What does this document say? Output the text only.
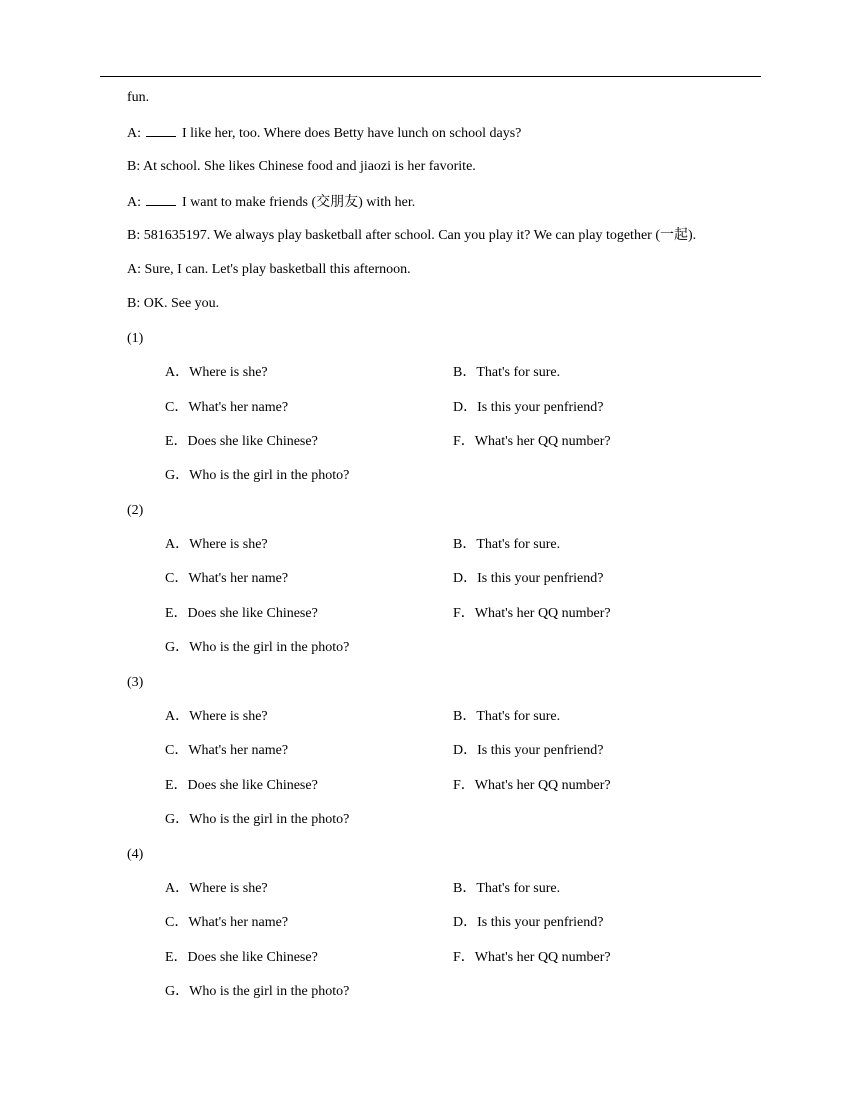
fun.
A:	I like her, too. Where does Betty have lunch on school days?
B: At school. She likes Chinese food and jiaozi is her favorite.
A:	I want to make friends (交朋友) with her.
B: 581635197. We always play basketball after school. Can you play it? We can play together (一起).
A: Sure, I can. Let's play basketball this afternoon.
B: OK. See you.
(1)
A．Where is she?	B．That's for sure.
C．What's her name?	D．Is this your penfriend?
E．Does she like Chinese?	F．What's her QQ number?
G．Who is the girl in the photo?
(2)
A．Where is she?	B．That's for sure.
C．What's her name?	D．Is this your penfriend?
E．Does she like Chinese?	F．What's her QQ number?
G．Who is the girl in the photo?
(3)
A．Where is she?	B．That's for sure.
C．What's her name?	D．Is this your penfriend?
E．Does she like Chinese?	F．What's her QQ number?
G．Who is the girl in the photo?
(4)
A．Where is she?	B．That's for sure.
C．What's her name?	D．Is this your penfriend?
E．Does she like Chinese?	F．What's her QQ number?
G．Who is the girl in the photo?
